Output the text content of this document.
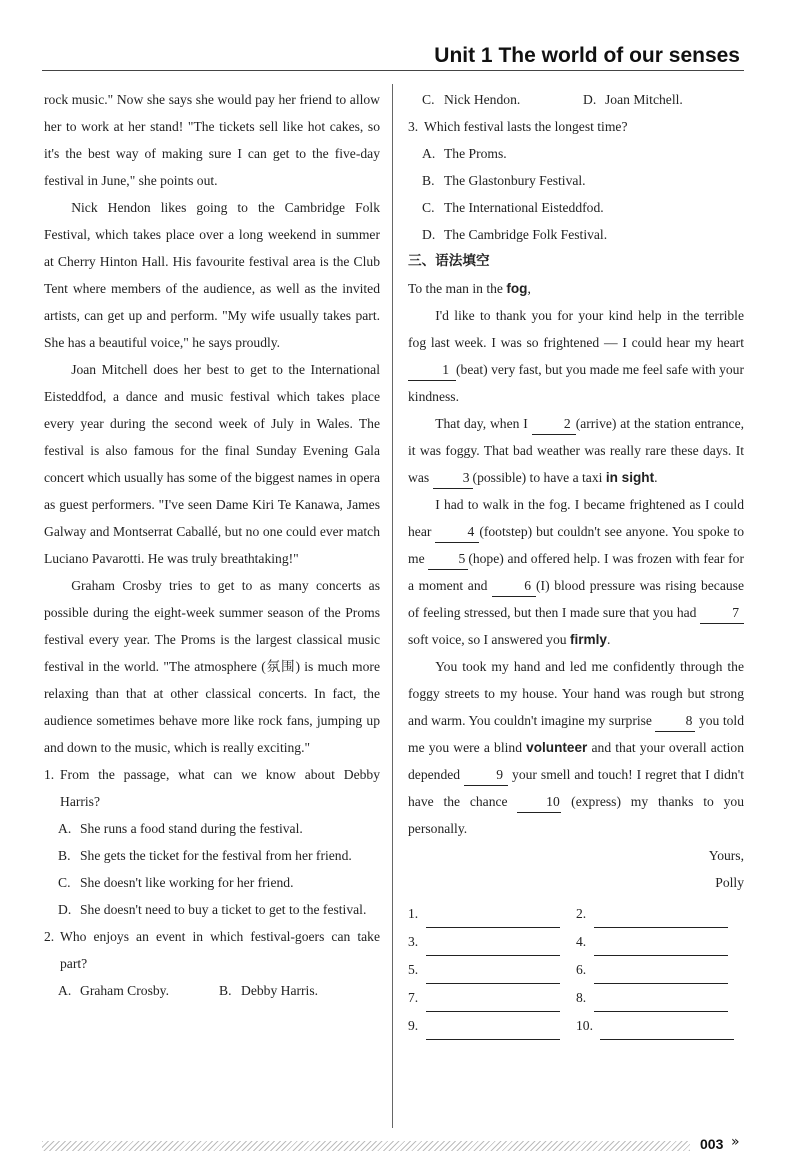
Unit 1 The world of our senses

rock music." Now she says she would pay her friend to allow her to work at her stand! "The tickets sell like hot cakes, so it's the best way of making sure I can get to the five-day festival in June," she points out.

Nick Hendon likes going to the Cambridge Folk Festival, which takes place over a long weekend in summer at Cherry Hinton Hall. His favourite festival area is the Club Tent where members of the audience, as well as the invited artists, can get up and perform. "My wife usually takes part. She has a beautiful voice," he says proudly.

Joan Mitchell does her best to get to the International Eisteddfod, a dance and music festival which takes place every year during the second week of July in Wales. The festival is also famous for the final Sunday Evening Gala concert which usually has some of the biggest names in opera as guest performers. "I've seen Dame Kiri Te Kanawa, James Galway and Montserrat Caballé, but no one could ever match Luciano Pavarotti. He was truly breathtaking!"

Graham Crosby tries to get to as many concerts as possible during the eight-week summer season of the Proms festival every year. The Proms is the largest classical music festival in the world. "The atmosphere (氛围) is much more relaxing than that at other classical concerts. In fact, the audience sometimes behave more like rock fans, jumping up and down to the music, which is really exciting."

1. From the passage, what can we know about Debby Harris?
A. She runs a food stand during the festival.
B. She gets the ticket for the festival from her friend.
C. She doesn't like working for her friend.
D. She doesn't need to buy a ticket to get to the festival.
2. Who enjoys an event in which festival-goers can take part?
A. Graham Crosby.	B. Debby Harris.
C. Nick Hendon.	D. Joan Mitchell.
3. Which festival lasts the longest time?
A. The Proms.
B. The Glastonbury Festival.
C. The International Eisteddfod.
D. The Cambridge Folk Festival.
三、语法填空

To the man in the fog,

I'd like to thank you for your kind help in the terrible fog last week. I was so frightened — I could hear my heart 1 (beat) very fast, but you made me feel safe with your kindness.

That day, when I 2 (arrive) at the station entrance, it was foggy. That bad weather was really rare these days. It was 3 (possible) to have a taxi in sight.

I had to walk in the fog. I became frightened as I could hear 4 (footstep) but couldn't see anyone. You spoke to me 5 (hope) and offered help. I was frozen with fear for a moment and 6 (I) blood pressure was rising because of feeling stressed, but then I made sure that you had 7 soft voice, so I answered you firmly.

You took my hand and led me confidently through the foggy streets to my house. Your hand was rough but strong and warm. You couldn't imagine my surprise 8 you told me you were a blind volunteer and that your overall action depended 9 your smell and touch! I regret that I didn't have the chance 10 (express) my thanks to you personally.

Yours,

Polly

1.	2.
3.	4.
5.	6.
7.	8.
9.	10.
003 »
